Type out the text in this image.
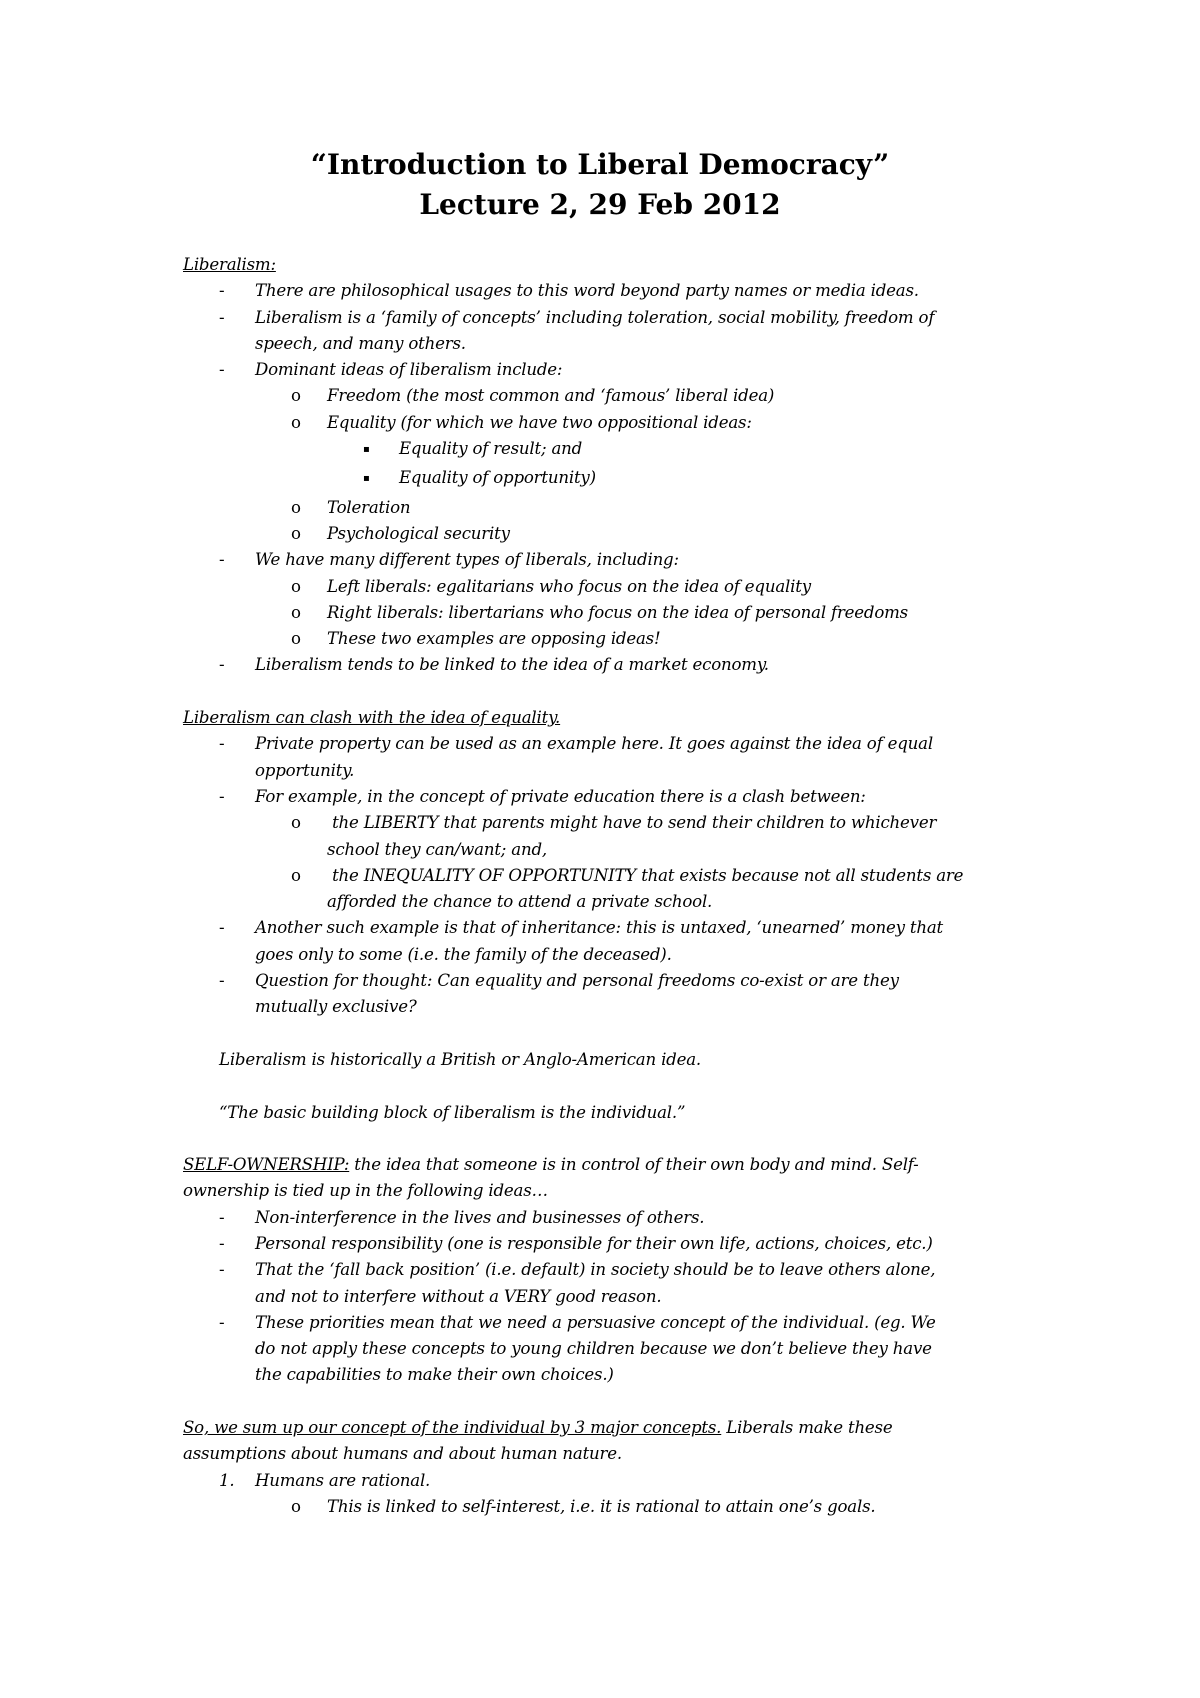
“Introduction to Liberal Democracy”
Lecture 2, 29 Feb 2012
Liberalism:
-	There are philosophical usages to this word beyond party names or media ideas.
-	Liberalism is a ‘family of concepts’ including toleration, social mobility, freedom of
speech, and many others.
-	Dominant ideas of liberalism include:
o	Freedom (the most common and ‘famous’ liberal idea)
o	Equality (for which we have two oppositional ideas:
▪	Equality of result; and
▪	Equality of opportunity)
o	Toleration
o	Psychological security
-	We have many different types of liberals, including:
o	Left liberals: egalitarians who focus on the idea of equality
o	Right liberals: libertarians who focus on the idea of personal freedoms
o	These two examples are opposing ideas!
-	Liberalism tends to be linked to the idea of a market economy.
Liberalism can clash with the idea of equality.
-	Private property can be used as an example here. It goes against the idea of equal
opportunity.
-	For example, in the concept of private education there is a clash between:
o	the LIBERTY that parents might have to send their children to whichever
school they can/want; and,
o	the INEQUALITY OF OPPORTUNITY that exists because not all students are
afforded the chance to attend a private school.
-	Another such example is that of inheritance: this is untaxed, ‘unearned’ money that
goes only to some (i.e. the family of the deceased).
-	Question for thought: Can equality and personal freedoms co-exist or are they
mutually exclusive?
Liberalism is historically a British or Anglo-American idea.
“The basic building block of liberalism is the individual.”
SELF-OWNERSHIP: the idea that someone is in control of their own body and mind. Self-
ownership is tied up in the following ideas…
-	Non-interference in the lives and businesses of others.
-	Personal responsibility (one is responsible for their own life, actions, choices, etc.)
-	That the ‘fall back position’ (i.e. default) in society should be to leave others alone,
and not to interfere without a VERY good reason.
-	These priorities mean that we need a persuasive concept of the individual. (eg. We
do not apply these concepts to young children because we don’t believe they have
the capabilities to make their own choices.)
So, we sum up our concept of the individual by 3 major concepts. Liberals make these
assumptions about humans and about human nature.
1.	Humans are rational.
o	This is linked to self-interest, i.e. it is rational to attain one’s goals.
